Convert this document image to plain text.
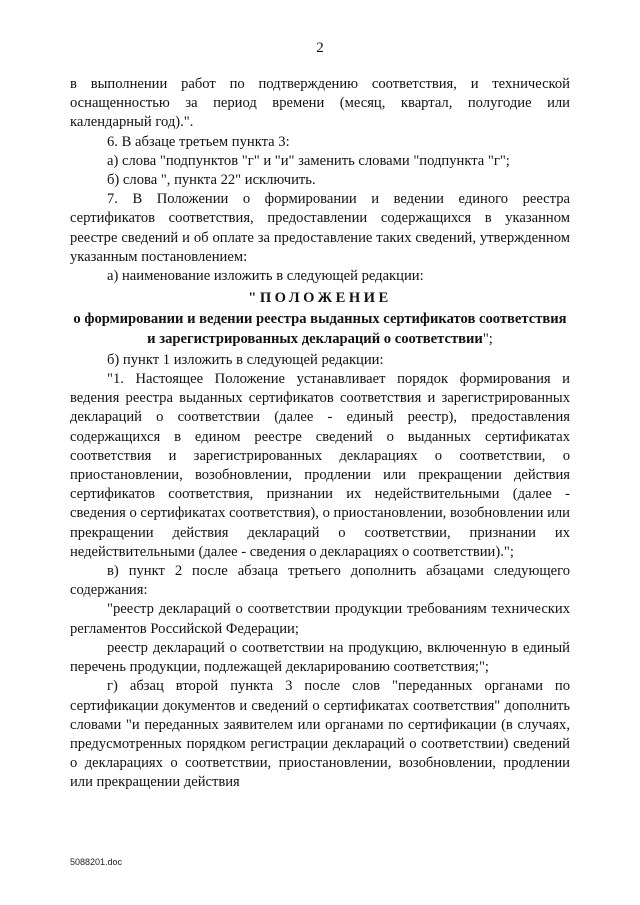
2

в выполнении работ по подтверждению соответствия, и технической оснащенностью за период времени (месяц, квартал, полугодие или календарный год).".

6. В абзаце третьем пункта 3:

а) слова "подпунктов "г" и "и" заменить словами "подпункта "г";

б) слова ", пункта 22" исключить.

7. В Положении о формировании и ведении единого реестра сертификатов соответствия, предоставлении содержащихся в указанном реестре сведений и об оплате за предоставление таких сведений, утвержденном указанным постановлением:

а) наименование изложить в следующей редакции:

"ПОЛОЖЕНИЕ

о формировании и ведении реестра выданных сертификатов соответствия и зарегистрированных деклараций о соответствии";

б) пункт 1 изложить в следующей редакции:

"1. Настоящее Положение устанавливает порядок формирования и ведения реестра выданных сертификатов соответствия и зарегистрированных деклараций о соответствии (далее - единый реестр), предоставления содержащихся в едином реестре сведений о выданных сертификатах соответствия и зарегистрированных декларациях о соответствии, о приостановлении, возобновлении, продлении или прекращении действия сертификатов соответствия, признании их недействительными (далее - сведения о сертификатах соответствия), о приостановлении, возобновлении или прекращении действия деклараций о соответствии, признании их недействительными (далее - сведения о декларациях о соответствии).";

в) пункт 2 после абзаца третьего дополнить абзацами следующего содержания:

"реестр деклараций о соответствии продукции требованиям технических регламентов Российской Федерации;

реестр деклараций о соответствии на продукцию, включенную в единый перечень продукции, подлежащей декларированию соответствия;";

г) абзац второй пункта 3 после слов "переданных органами по сертификации документов и сведений о сертификатах соответствия" дополнить словами "и переданных заявителем или органами по сертификации (в случаях, предусмотренных порядком регистрации деклараций о соответствии) сведений о декларациях о соответствии, приостановлении, возобновлении, продлении или прекращении действия

5088201.doc
